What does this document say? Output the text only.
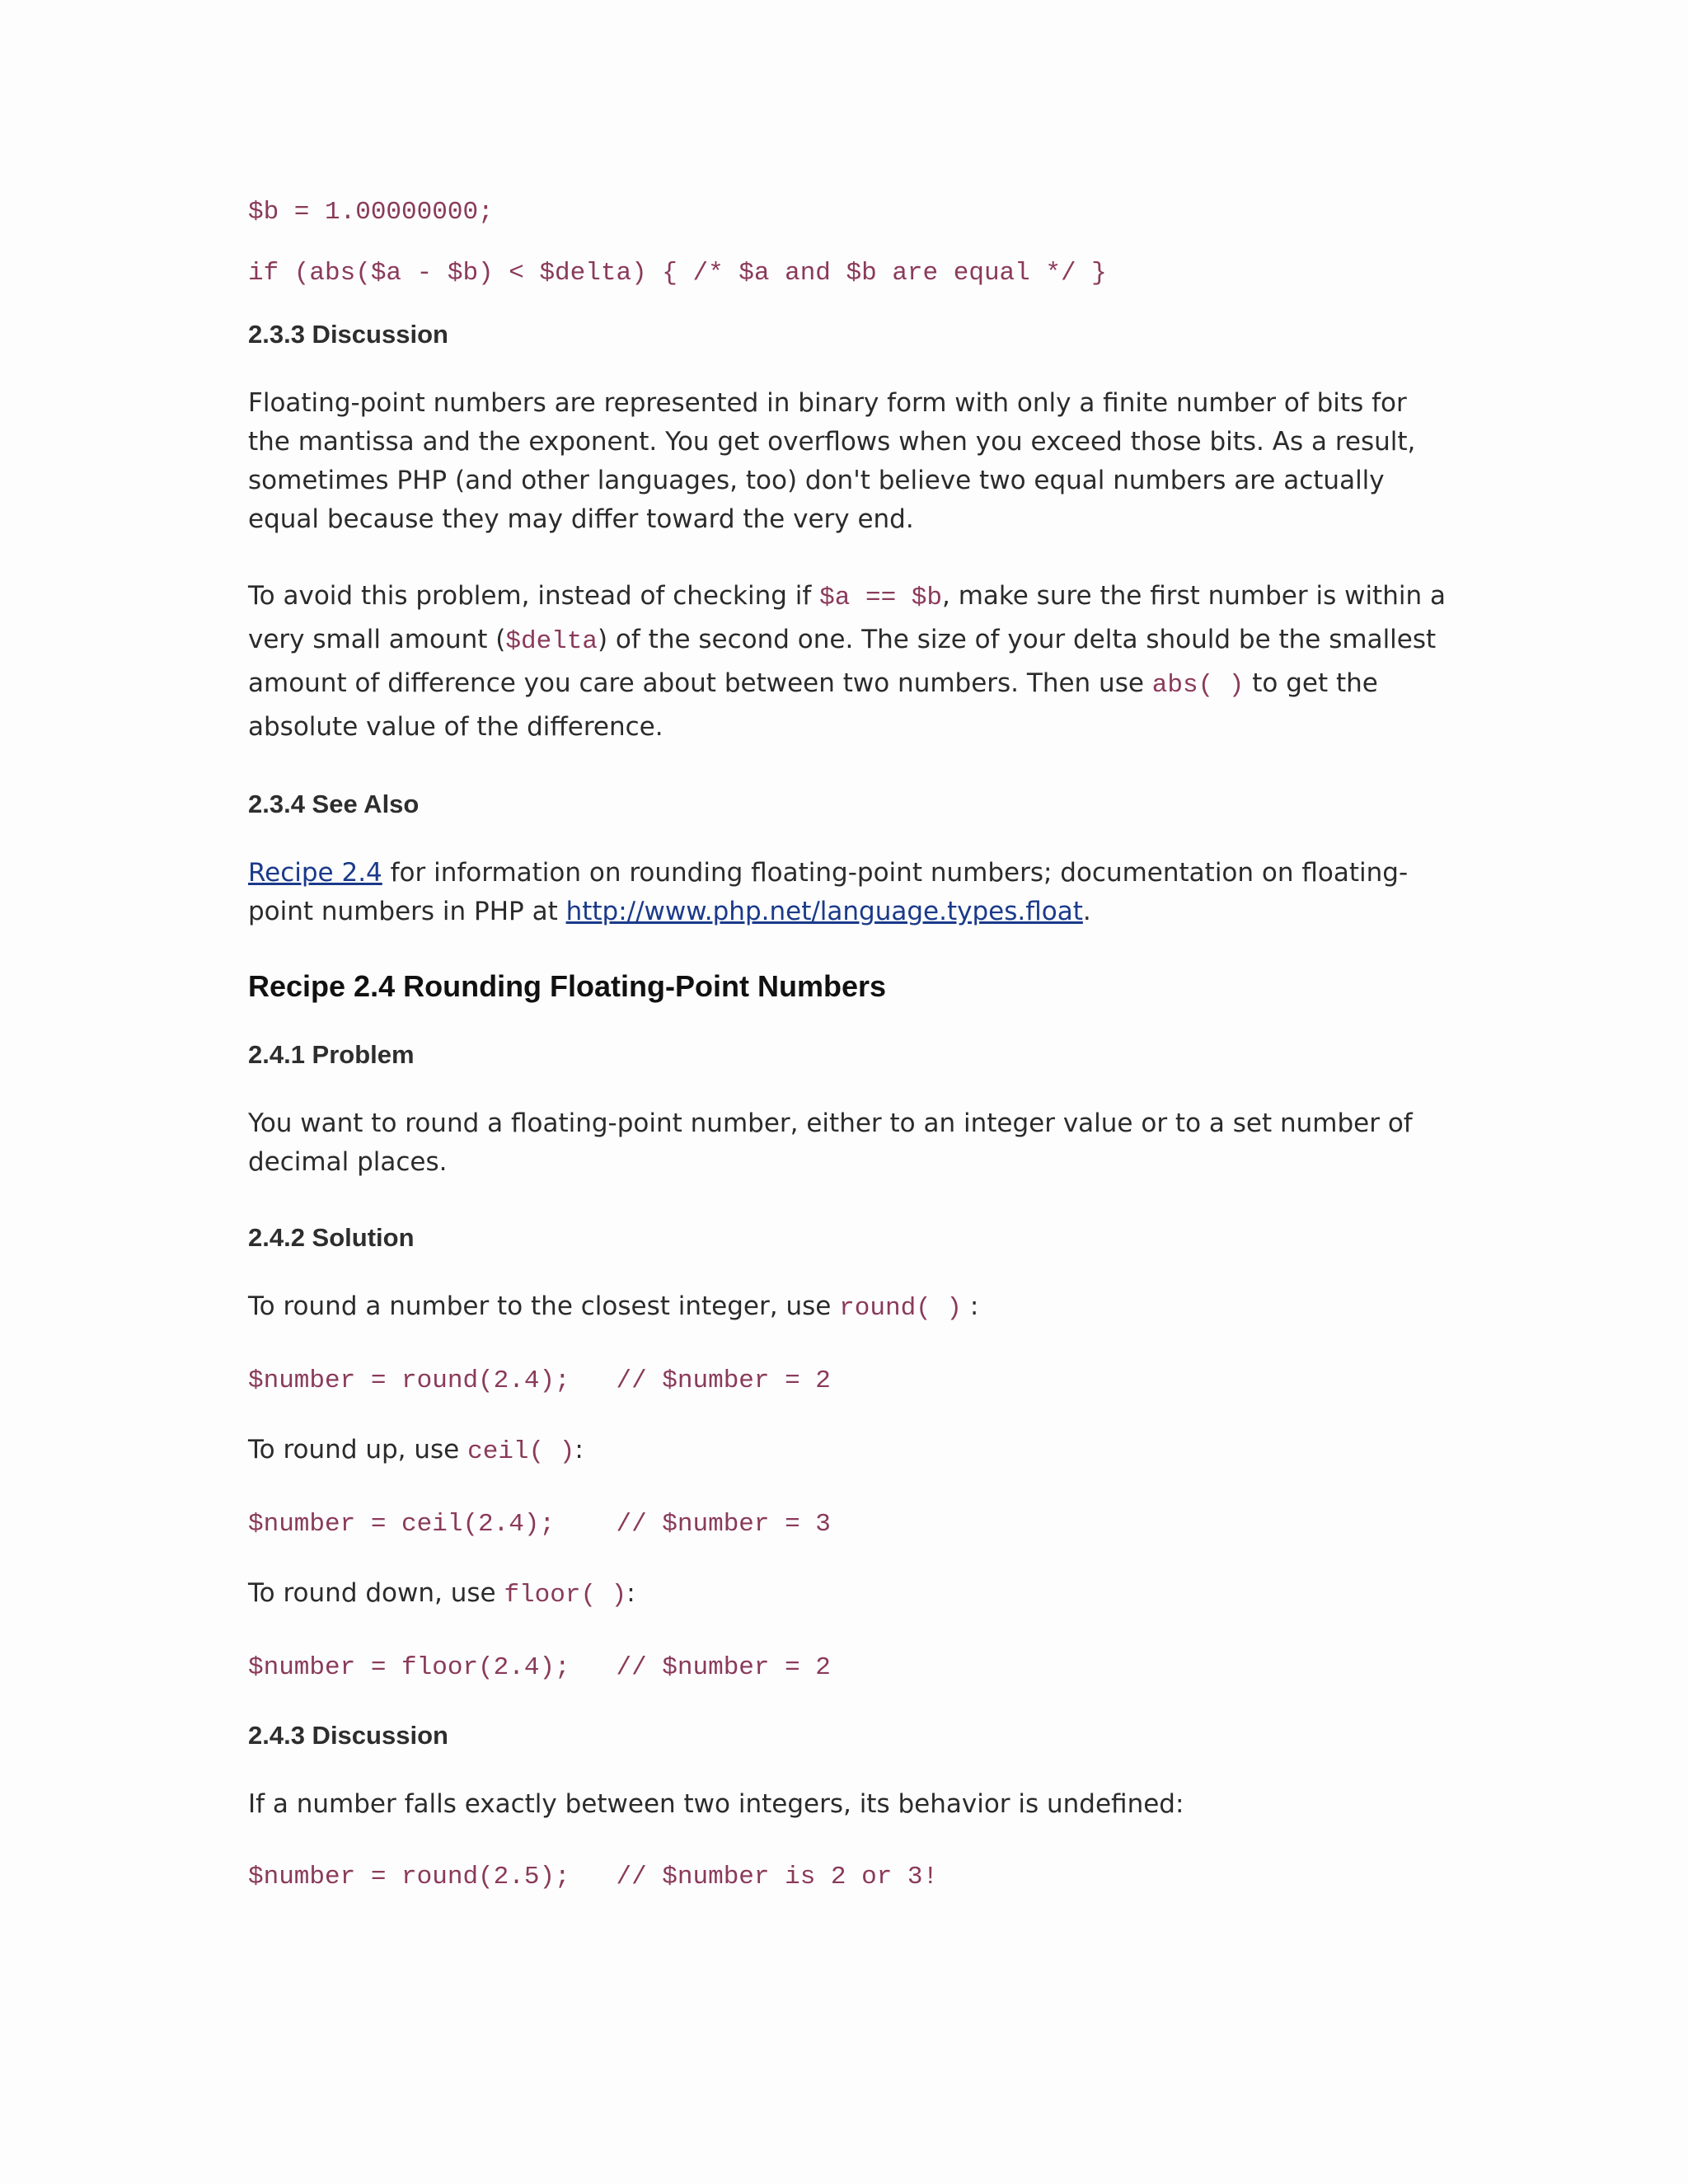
$b = 1.00000000;
if (abs($a - $b) < $delta) { /* $a and $b are equal */ }
2.3.3 Discussion

Floating-point numbers are represented in binary form with only a finite number of bits for the mantissa and the exponent. You get overflows when you exceed those bits. As a result, sometimes PHP (and other languages, too) don't believe two equal numbers are actually equal because they may differ toward the very end.

To avoid this problem, instead of checking if $a == $b, make sure the first number is within a very small amount ($delta) of the second one. The size of your delta should be the smallest amount of difference you care about between two numbers. Then use abs( ) to get the absolute value of the difference.

2.3.4 See Also

Recipe 2.4 for information on rounding floating-point numbers; documentation on floating-point numbers in PHP at http://www.php.net/language.types.float.

Recipe 2.4 Rounding Floating-Point Numbers
2.4.1 Problem

You want to round a floating-point number, either to an integer value or to a set number of decimal places.

2.4.2 Solution

To round a number to the closest integer, use round( ) :

$number = round(2.4);   // $number = 2

To round up, use ceil( ):

$number = ceil(2.4);    // $number = 3

To round down, use floor( ):

$number = floor(2.4);   // $number = 2
2.4.3 Discussion

If a number falls exactly between two integers, its behavior is undefined:

$number = round(2.5);   // $number is 2 or 3!
